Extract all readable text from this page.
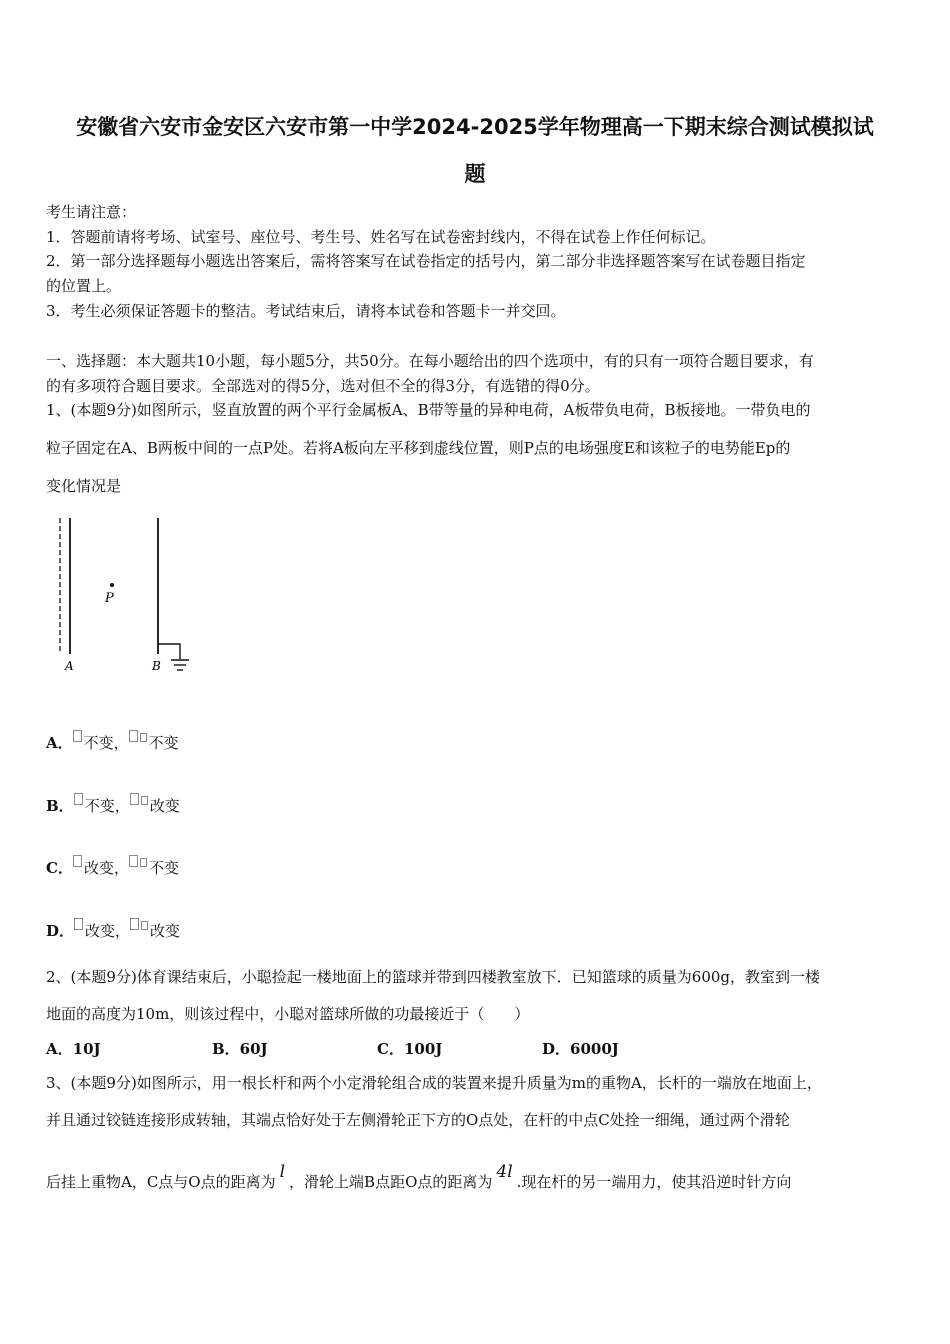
安徽省六安市金安区六安市第一中学2024-2025学年物理高一下期末综合测试模拟试
题
考生请注意：
1．答题前请将考场、试室号、座位号、考生号、姓名写在试卷密封线内，不得在试卷上作任何标记。
2．第一部分选择题每小题选出答案后，需将答案写在试卷指定的括号内，第二部分非选择题答案写在试卷题目指定
的位置上。
3．考生必须保证答题卡的整洁。考试结束后，请将本试卷和答题卡一并交回。
一、选择题：本大题共10小题，每小题5分，共50分。在每小题给出的四个选项中，有的只有一项符合题目要求，有
的有多项符合题目要求。全部选对的得5分，选对但不全的得3分，有选错的得0分。
1、(本题9分)如图所示，竖直放置的两个平行金属板A、B带等量的异种电荷，A板带负电荷，B板接地。一带负电的
粒子固定在A、B两板中间的一点P处。若将A板向左平移到虚线位置，则P点的电场强度E和该粒子的电势能Ep的
变化情况是
P
A	B
A． 不变， 不变
B． 不变， 改变
C． 改变， 不变
D． 改变， 改变
2、(本题9分)体育课结束后，小聪捡起一楼地面上的篮球并带到四楼教室放下．已知篮球的质量为600g，教室到一楼
地面的高度为10m，则该过程中，小聪对篮球所做的功最接近于（　　）
A．10J	B．60J	C．100J	D．6000J
3、(本题9分)如图所示，用一根长杆和两个小定滑轮组合成的装置来提升质量为m的重物A，长杆的一端放在地面上，
并且通过铰链连接形成转轴，其端点恰好处于左侧滑轮正下方的O点处，在杆的中点C处拴一细绳，通过两个滑轮
后挂上重物A，C点与O点的距离为 l ，滑轮上端B点距O点的距离为 4l .现在杆的另一端用力，使其沿逆时针方向
